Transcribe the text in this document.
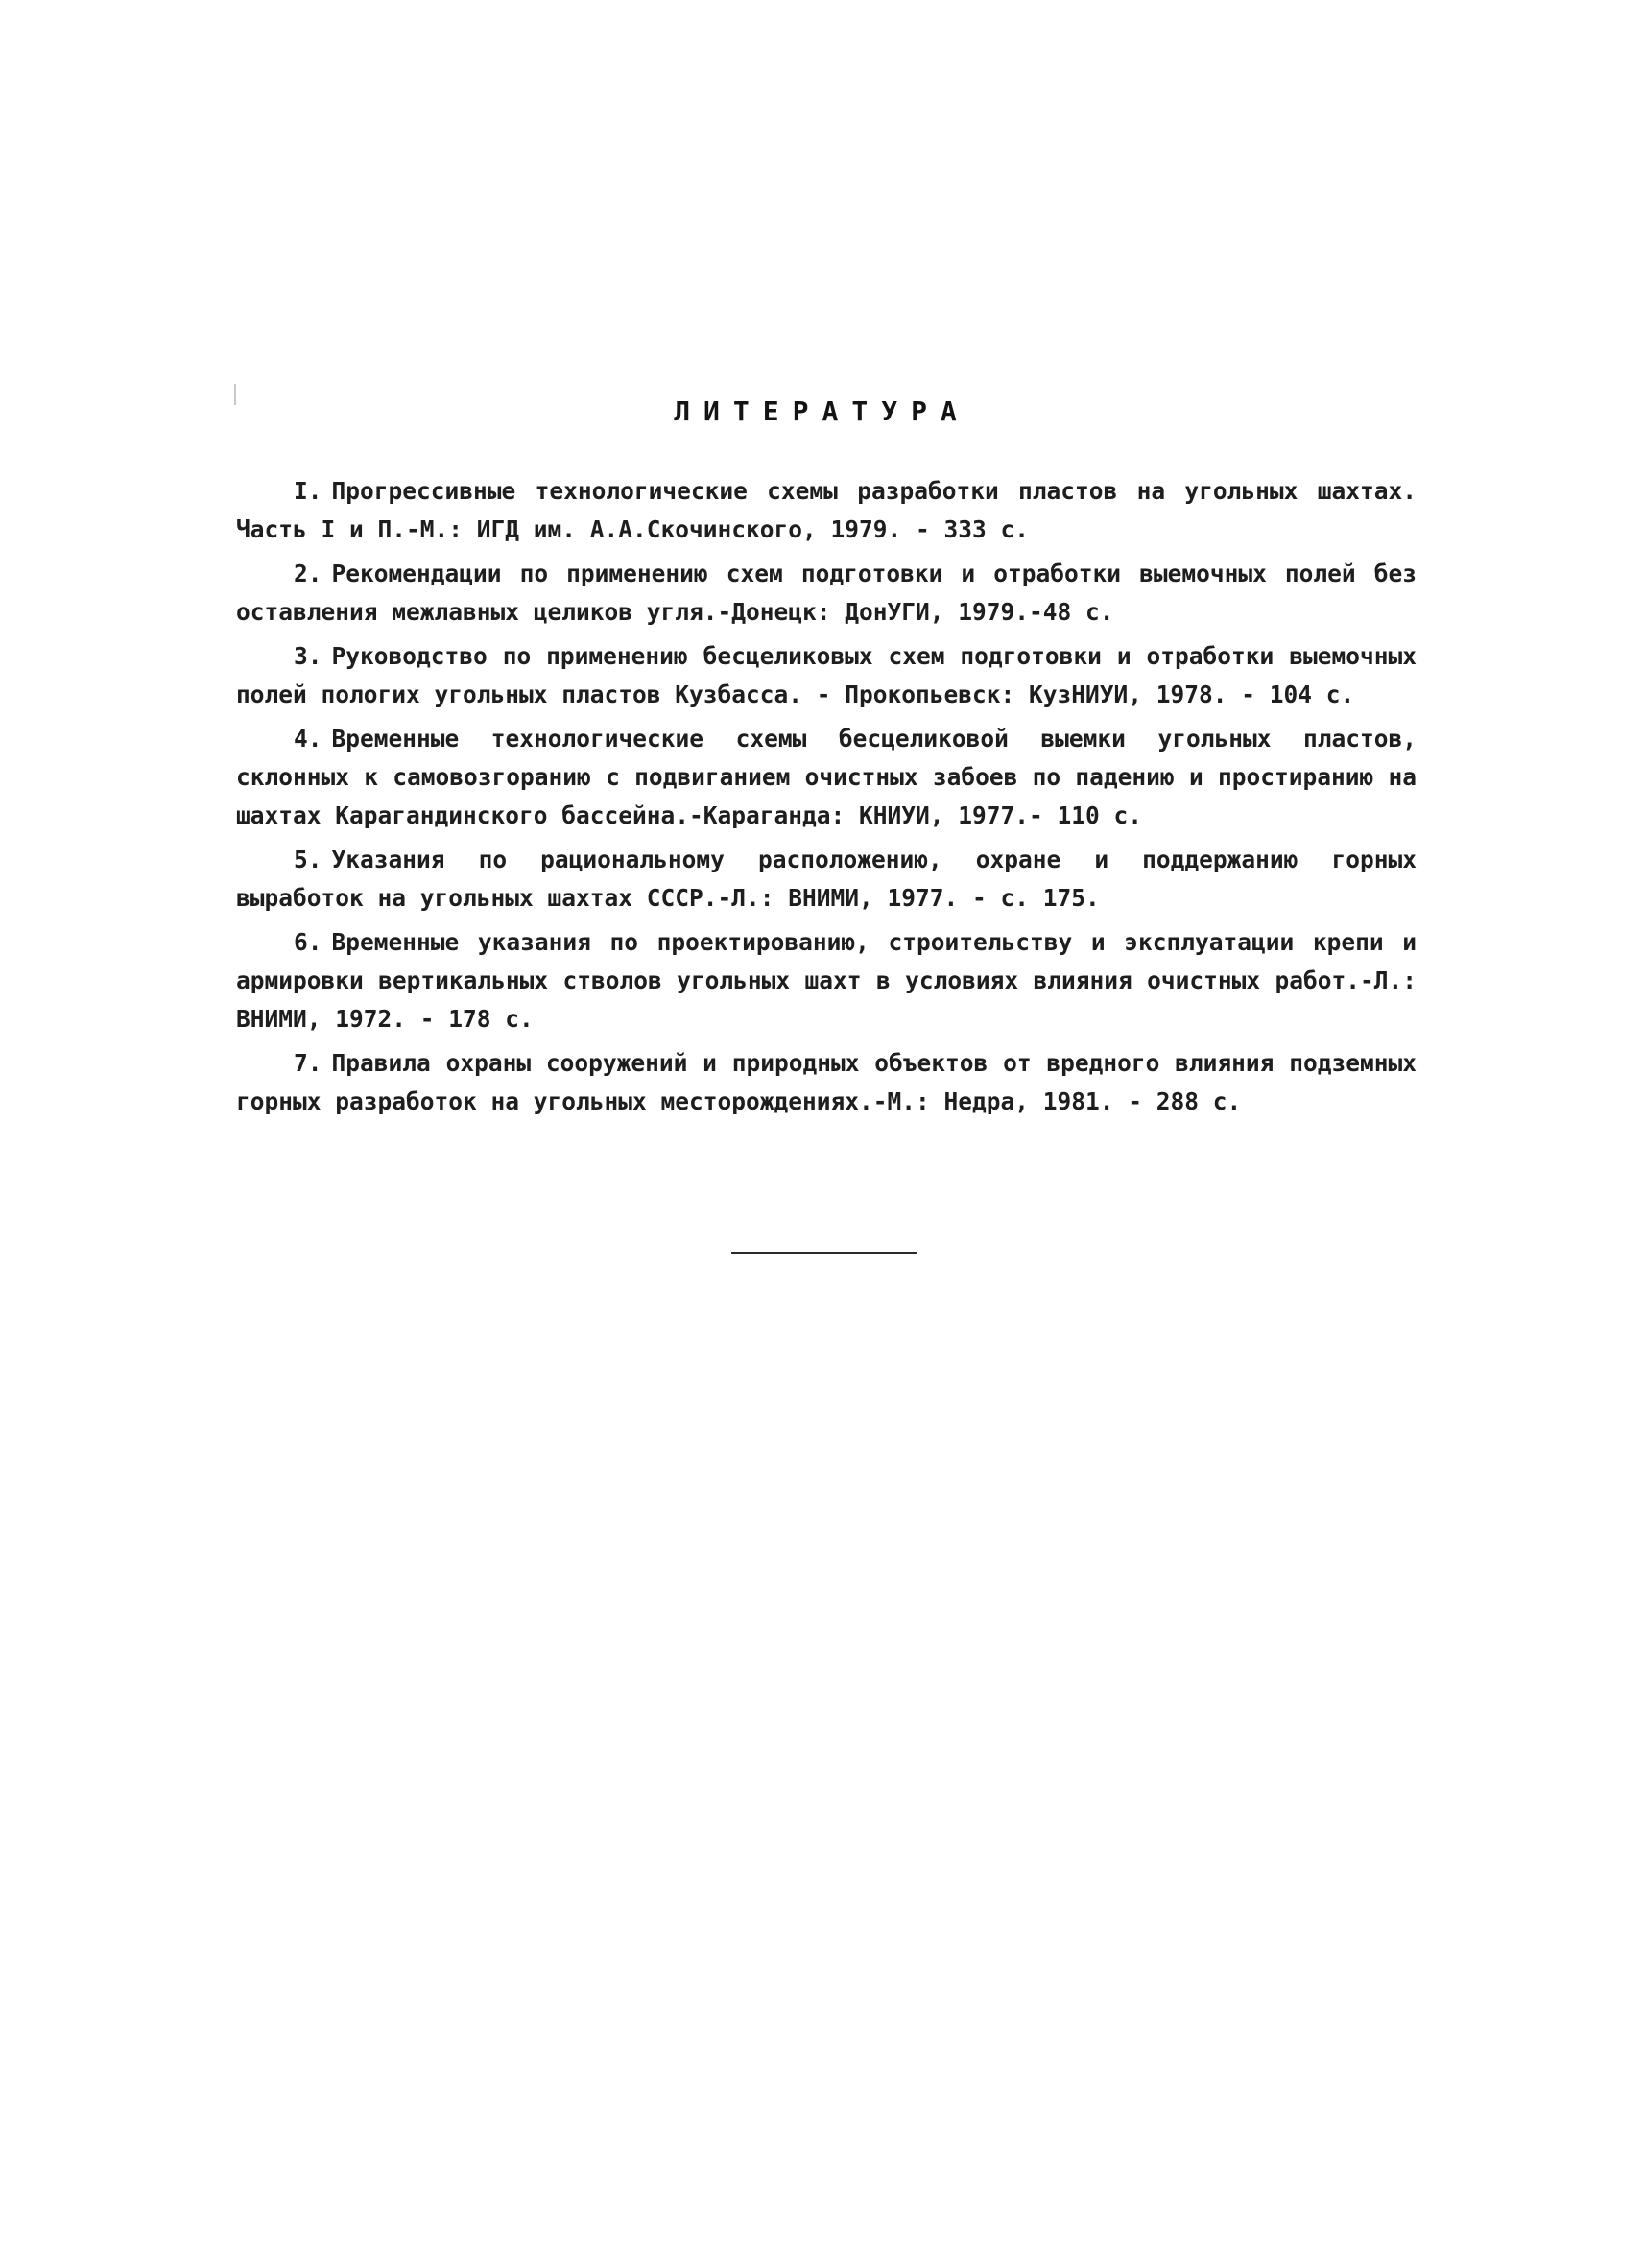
ЛИТЕРАТУРА
I. Прогрессивные технологические схемы разработки пластов на угольных шахтах. Часть I и П.-М.: ИГД им. А.А.Скочинского, 1979. - 333 с.
2. Рекомендации по применению схем подготовки и отработки выемочных полей без оставления межлавных целиков угля.-Донецк: ДонУГИ, 1979.-48 с.
3. Руководство по применению бесцеликовых схем подготовки и отработки выемочных полей пологих угольных пластов Кузбасса. - Прокопьевск: КузНИУИ, 1978. - 104 с.
4. Временные технологические схемы бесцеликовой выемки угольных пластов, склонных к самовозгоранию с подвиганием очистных забоев по падению и простиранию на шахтах Карагандинского бассейна.-Караганда: КНИУИ, 1977.- 110 с.
5. Указания по рациональному расположению, охране и поддержанию горных выработок на угольных шахтах СССР.-Л.: ВНИМИ, 1977. - с. 175.
6. Временные указания по проектированию, строительству и эксплуатации крепи и армировки вертикальных стволов угольных шахт в условиях влияния очистных работ.-Л.: ВНИМИ, 1972. - 178 с.
7. Правила охраны сооружений и природных объектов от вредного влияния подземных горных разработок на угольных месторождениях.-М.: Недра, 1981. - 288 с.
